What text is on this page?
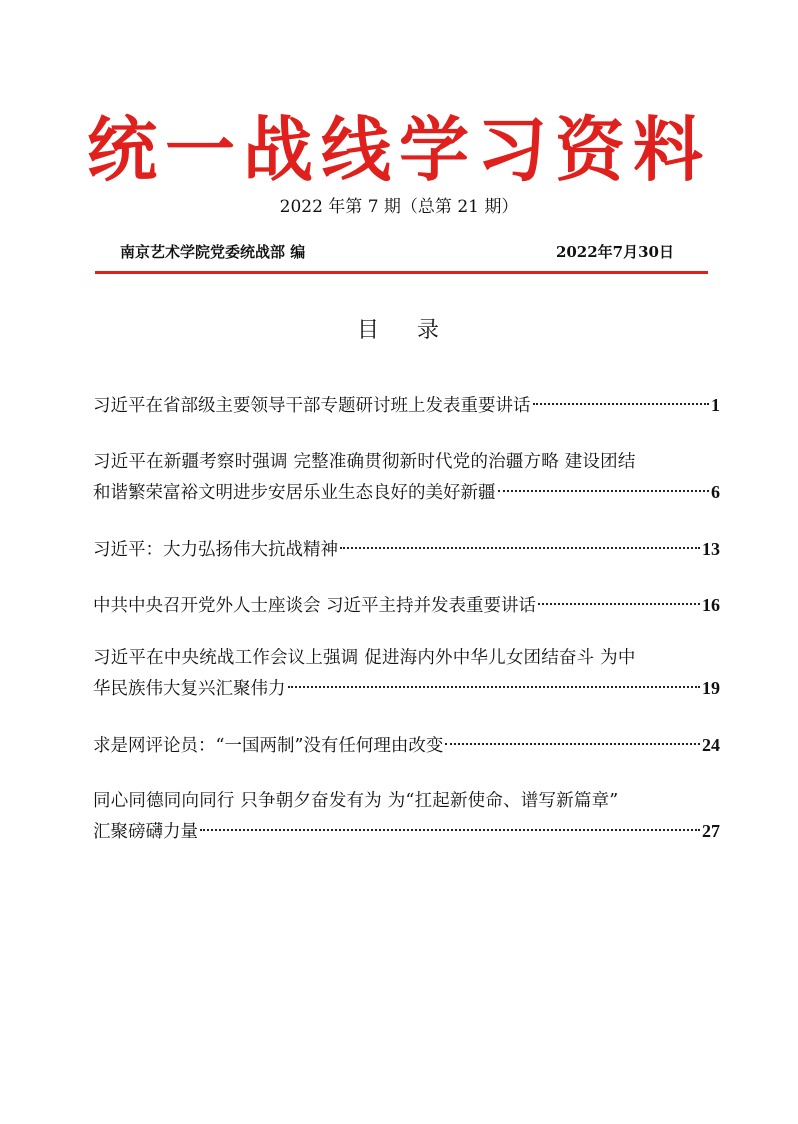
统一战线学习资料
2022 年第 7 期（总第 21 期）
南京艺术学院党委统战部 编	2022年7月30日
目 录
习近平在省部级主要领导干部专题研讨班上发表重要讲话	1
习近平在新疆考察时强调 完整准确贯彻新时代党的治疆方略 建设团结
和谐繁荣富裕文明进步安居乐业生态良好的美好新疆	6
习近平：大力弘扬伟大抗战精神	13
中共中央召开党外人士座谈会 习近平主持并发表重要讲话	16
习近平在中央统战工作会议上强调 促进海内外中华儿女团结奋斗 为中
华民族伟大复兴汇聚伟力	19
求是网评论员：“一国两制”没有任何理由改变	24
同心同德同向同行 只争朝夕奋发有为 为“扛起新使命、谱写新篇章”
汇聚磅礴力量	27
